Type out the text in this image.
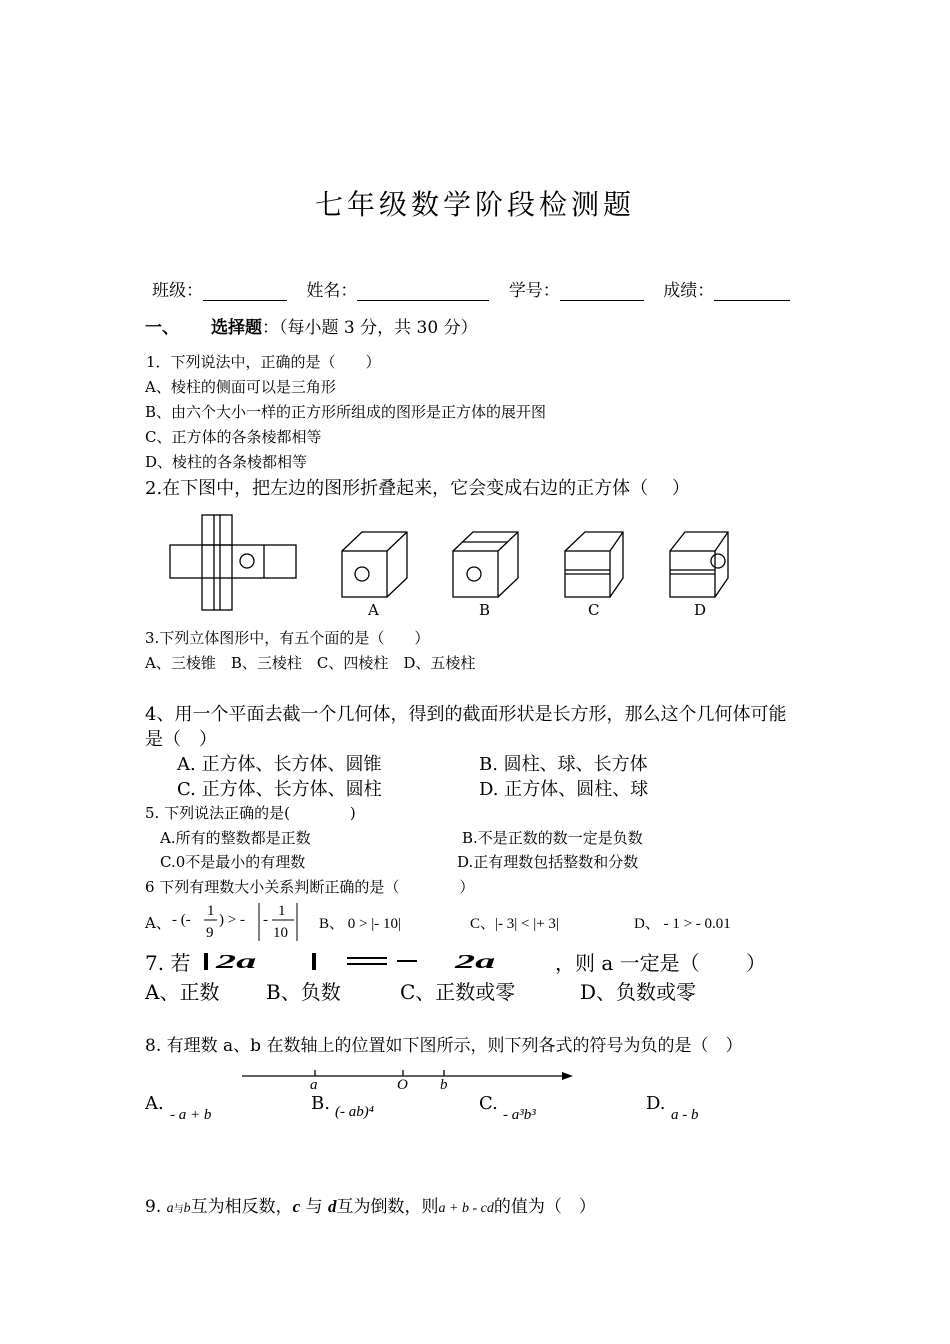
七年级数学阶段检测题
班级：	姓名：	学号：	成绩：
一、 选择题：（每小题 3 分，共 30 分）
1．下列说法中，正确的是（　　）
A、棱柱的侧面可以是三角形
B、由六个大小一样的正方形所组成的图形是正方体的展开图
C、正方体的各条棱都相等
D、棱柱的各条棱都相等
2.在下图中，把左边的图形折叠起来，它会变成右边的正方体（　 ）
A	B	C	D
3.下列立体图形中，有五个面的是（　　）
A、三棱锥　B、三棱柱　C、四棱柱　D、五棱柱
4、用一个平面去截一个几何体，得到的截面形状是长方形，那么这个几何体可能
是（　）
A. 正方体、长方体、圆锥	B. 圆柱、球、长方体
C. 正方体、长方体、圆柱	D. 正方体、圆柱、球
5. 下列说法正确的是(　　　　)
A.所有的整数都是正数	B.不是正数的数一定是负数
C.0不是最小的有理数	D.正有理数包括整数和分数
6 下列有理数大小关系判断正确的是（　　　　）
A、 - (-
1
9
) > - -
1
10
B、 0 > |- 10|	C、|- 3| < |+ 3|	D、 - 1 > - 0.01
7. 若 2a	2a	，则 a 一定是（　　 ）
A、正数 B、负数	C、正数或零	D、负数或零
8. 有理数 a、b 在数轴上的位置如下图所示，则下列各式的符号为负的是（　）
a	O b
A.
- a + b
B. (- ab)⁴	C.
- a³b³
D.
a - b
9. a与b互为相反数，c 与 d互为倒数，则a + b - cd的值为（　）
